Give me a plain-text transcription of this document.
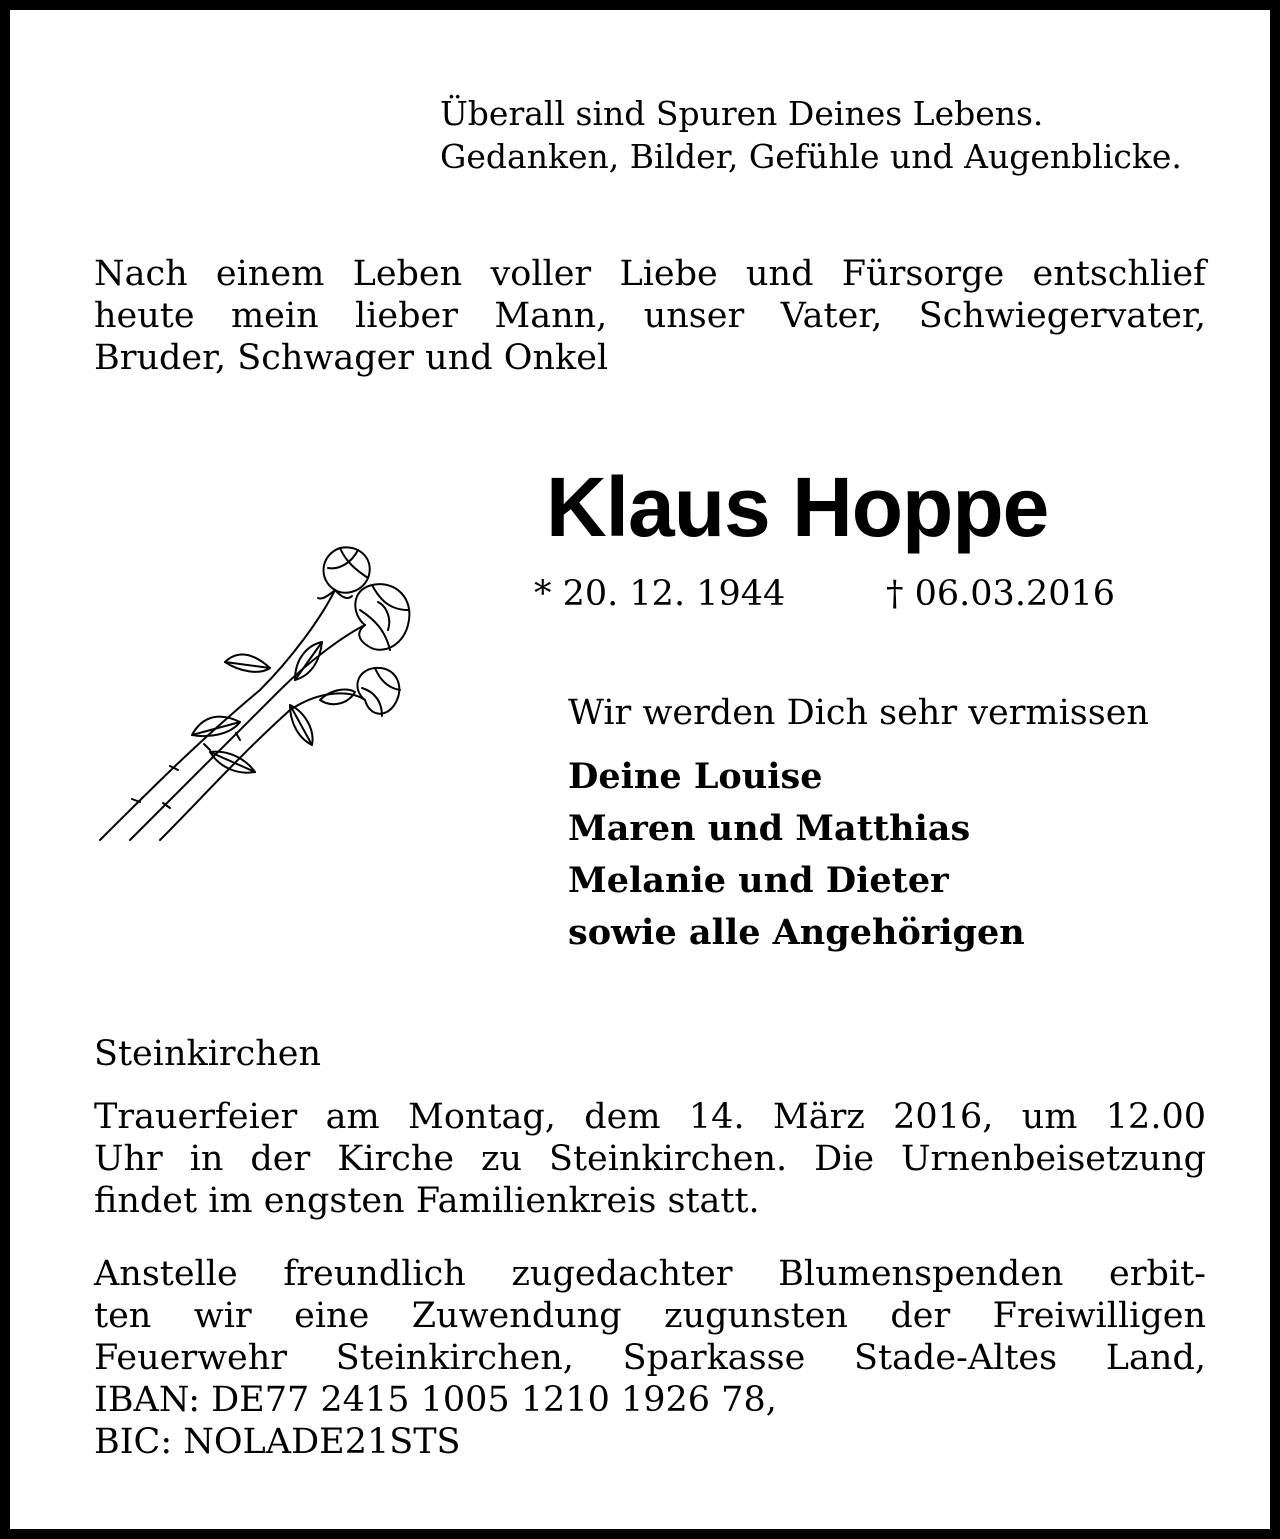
Überall sind Spuren Deines Lebens.
Gedanken, Bilder, Gefühle und Augenblicke.
Nach einem Leben voller Liebe und Fürsorge entschlief
heute mein lieber Mann, unser Vater, Schwiegervater,
Bruder, Schwager und Onkel
Klaus Hoppe
* 20. 12. 1944	† 06.03.2016
Wir werden Dich sehr vermissen
Deine Louise
Maren und Matthias
Melanie und Dieter
sowie alle Angehörigen
Steinkirchen
Trauerfeier am Montag, dem 14. März 2016, um 12.00
Uhr in der Kirche zu Steinkirchen. Die Urnenbeisetzung
findet im engsten Familienkreis statt.
Anstelle freundlich zugedachter Blumenspenden erbit-
ten wir eine Zuwendung zugunsten der Freiwilligen
Feuerwehr Steinkirchen, Sparkasse Stade-Altes Land,
IBAN: DE77 2415 1005 1210 1926 78,
BIC: NOLADE21STS
